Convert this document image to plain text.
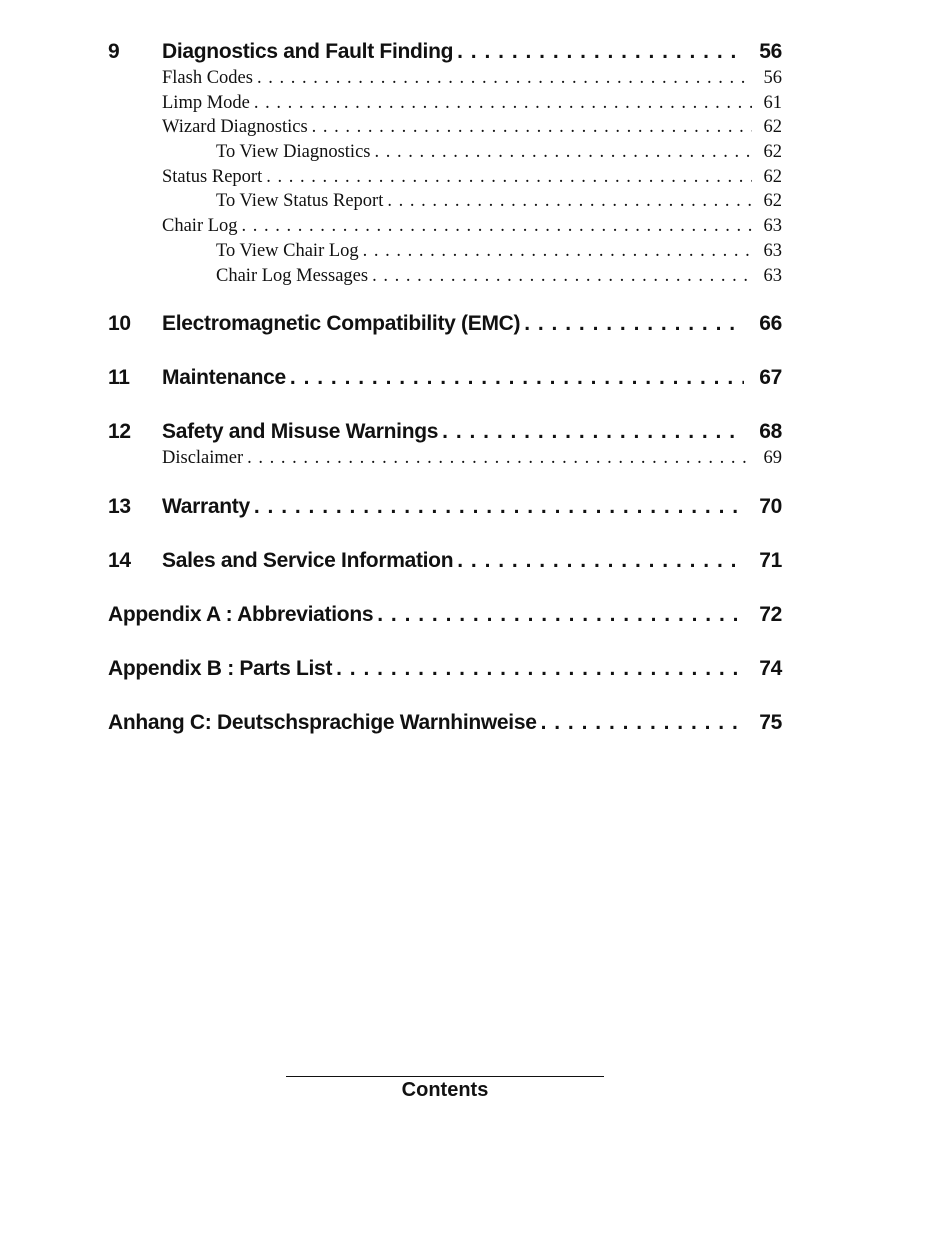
9	Diagnostics and Fault Finding . . .	56
Flash Codes . . .	56
Limp Mode . . .	61
Wizard Diagnostics . . .	62
To View Diagnostics . . .	62
Status Report . . .	62
To View Status Report . . .	62
Chair Log . . .	63
To View Chair Log . . .	63
Chair Log Messages . . .	63
10	Electromagnetic Compatibility (EMC) . . .	66
11	Maintenance . . .	67
12	Safety and Misuse Warnings . . .	68
Disclaimer . . .	69
13	Warranty . . .	70
14	Sales and Service Information . . .	71
Appendix A : Abbreviations . . .	72
Appendix B : Parts List . . .	74
Anhang C: Deutschsprachige Warnhinweise . . .	75
Contents
